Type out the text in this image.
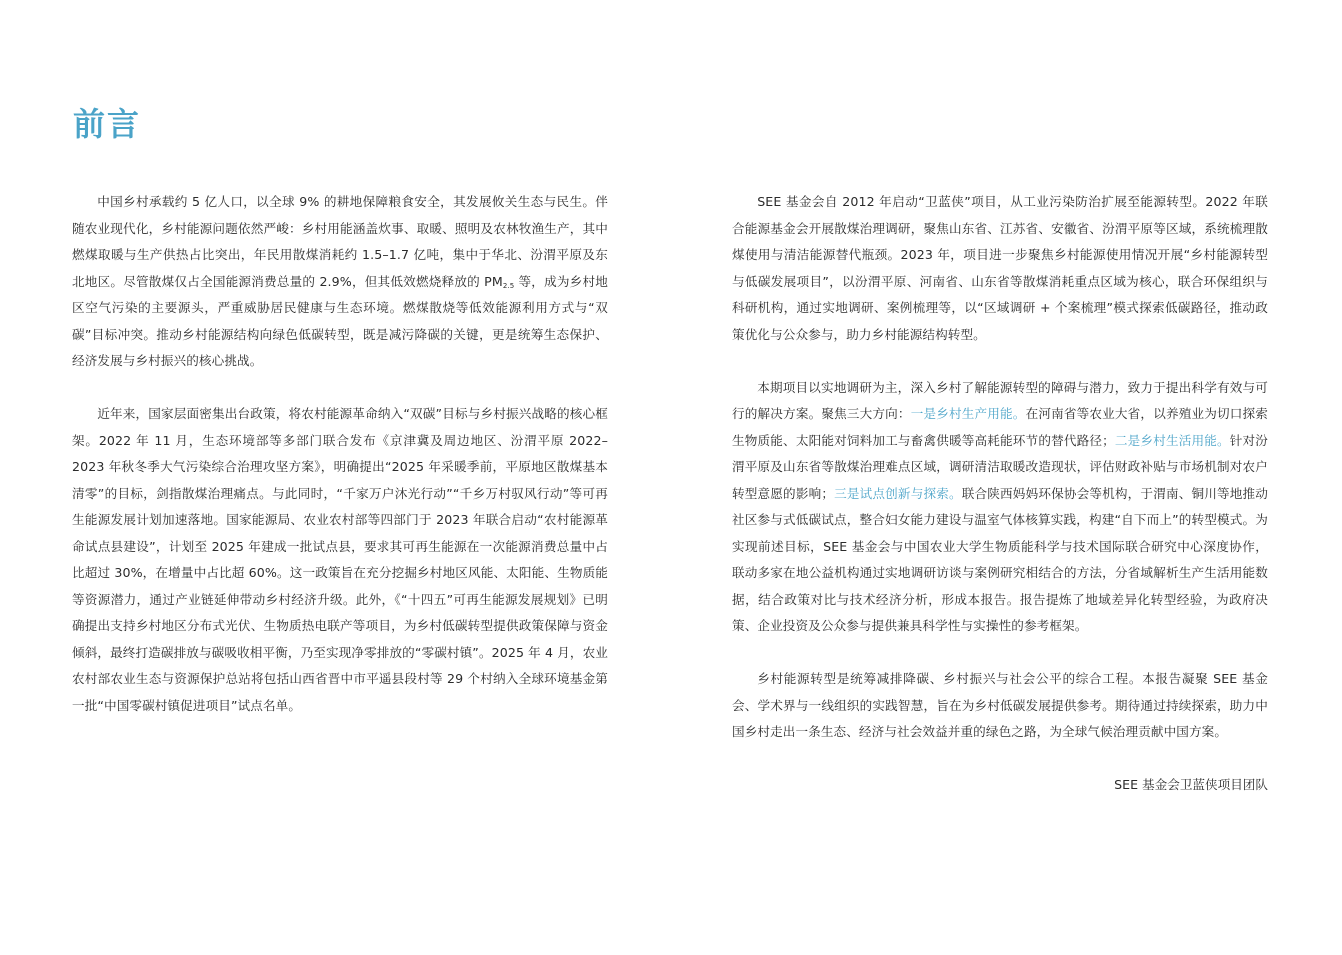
前言

中国乡村承载约 5 亿人口，以全球 9% 的耕地保障粮食安全，其发展攸关生态与民生。伴随农业现代化，乡村能源问题依然严峻：乡村用能涵盖炊事、取暖、照明及农林牧渔生产，其中燃煤取暖与生产供热占比突出，年民用散煤消耗约 1.5–1.7 亿吨，集中于华北、汾渭平原及东北地区。尽管散煤仅占全国能源消费总量的 2.9%，但其低效燃烧释放的 $PM_{2.5}$ 等，成为乡村地区空气污染的主要源头，严重威胁居民健康与生态环境。燃煤散烧等低效能源利用方式与“双碳”目标冲突。推动乡村能源结构向绿色低碳转型，既是减污降碳的关键，更是统筹生态保护、经济发展与乡村振兴的核心挑战。

近年来，国家层面密集出台政策，将农村能源革命纳入“双碳”目标与乡村振兴战略的核心框架。2022 年 11 月，生态环境部等多部门联合发布《京津冀及周边地区、汾渭平原 2022–2023 年秋冬季大气污染综合治理攻坚方案》，明确提出“2025 年采暖季前，平原地区散煤基本清零”的目标，剑指散煤治理痛点。与此同时，“千家万户沐光行动”“千乡万村驭风行动”等可再生能源发展计划加速落地。国家能源局、农业农村部等四部门于 2023 年联合启动“农村能源革命试点县建设”，计划至 2025 年建成一批试点县，要求其可再生能源在一次能源消费总量中占比超过 30%，在增量中占比超 60%。这一政策旨在充分挖掘乡村地区风能、太阳能、生物质能等资源潜力，通过产业链延伸带动乡村经济升级。此外，《“十四五”可再生能源发展规划》已明确提出支持乡村地区分布式光伏、生物质热电联产等项目，为乡村低碳转型提供政策保障与资金倾斜，最终打造碳排放与碳吸收相平衡，乃至实现净零排放的“零碳村镇”。2025 年 4 月，农业农村部农业生态与资源保护总站将包括山西省晋中市平遥县段村等 29 个村纳入全球环境基金第一批“中国零碳村镇促进项目”试点名单。

SEE 基金会自 2012 年启动“卫蓝侠”项目，从工业污染防治扩展至能源转型。2022 年联合能源基金会开展散煤治理调研，聚焦山东省、江苏省、安徽省、汾渭平原等区域，系统梳理散煤使用与清洁能源替代瓶颈。2023 年，项目进一步聚焦乡村能源使用情况开展“乡村能源转型与低碳发展项目”，以汾渭平原、河南省、山东省等散煤消耗重点区域为核心，联合环保组织与科研机构，通过实地调研、案例梳理等，以“区域调研 + 个案梳理”模式探索低碳路径，推动政策优化与公众参与，助力乡村能源结构转型。

本期项目以实地调研为主，深入乡村了解能源转型的障碍与潜力，致力于提出科学有效与可行的解决方案。聚焦三大方向：一是乡村生产用能。在河南省等农业大省，以养殖业为切口探索生物质能、太阳能对饲料加工与畜禽供暖等高耗能环节的替代路径；二是乡村生活用能。针对汾渭平原及山东省等散煤治理难点区域，调研清洁取暖改造现状，评估财政补贴与市场机制对农户转型意愿的影响；三是试点创新与探索。联合陕西妈妈环保协会等机构，于渭南、铜川等地推动社区参与式低碳试点，整合妇女能力建设与温室气体核算实践，构建“自下而上”的转型模式。为实现前述目标，SEE 基金会与中国农业大学生物质能科学与技术国际联合研究中心深度协作，联动多家在地公益机构通过实地调研访谈与案例研究相结合的方法，分省域解析生产生活用能数据，结合政策对比与技术经济分析，形成本报告。报告提炼了地域差异化转型经验，为政府决策、企业投资及公众参与提供兼具科学性与实操性的参考框架。

乡村能源转型是统筹减排降碳、乡村振兴与社会公平的综合工程。本报告凝聚 SEE 基金会、学术界与一线组织的实践智慧，旨在为乡村低碳发展提供参考。期待通过持续探索，助力中国乡村走出一条生态、经济与社会效益并重的绿色之路，为全球气候治理贡献中国方案。

SEE 基金会卫蓝侠项目团队
